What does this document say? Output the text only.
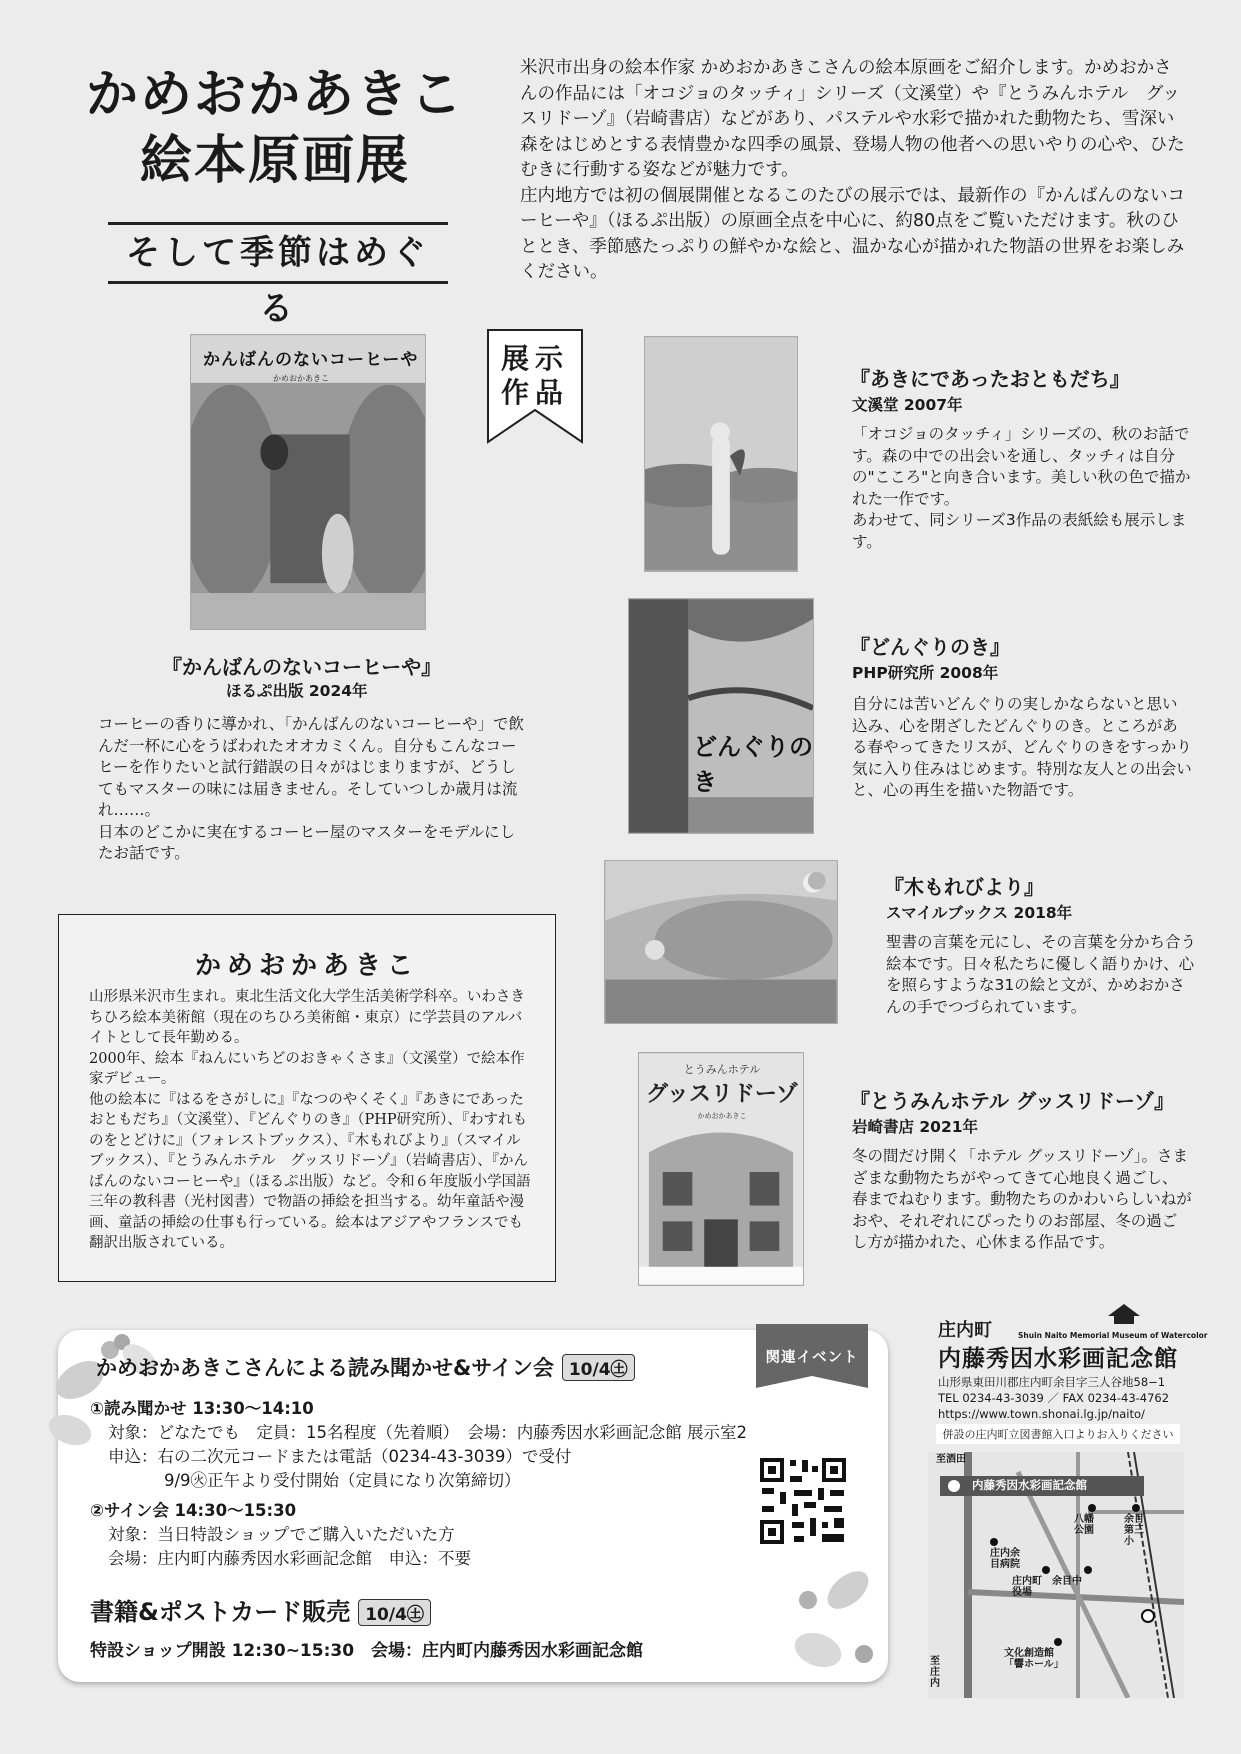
かめおかあきこ
絵本原画展
そして季節はめぐる
米沢市出身の絵本作家 かめおかあきこさんの絵本原画をご紹介します。かめおかさんの作品には「オコジョのタッチィ」シリーズ（文溪堂）や『とうみんホテル　グッスリドーゾ』（岩崎書店）などがあり、パステルや水彩で描かれた動物たち、雪深い森をはじめとする表情豊かな四季の風景、登場人物の他者への思いやりの心や、ひたむきに行動する姿などが魅力です。
庄内地方では初の個展開催となるこのたびの展示では、最新作の『かんばんのないコーヒーや』（ほるぷ出版）の原画全点を中心に、約80点をご覧いただけます。秋のひととき、季節感たっぷりの鮮やかな絵と、温かな心が描かれた物語の世界をお楽しみください。
展示
作品
かんばんのないコーヒーや
かめおかあきこ
『かんばんのないコーヒーや』
ほるぷ出版 2024年
コーヒーの香りに導かれ、「かんばんのないコーヒーや」で飲んだ一杯に心をうばわれたオオカミくん。自分もこんなコーヒーを作りたいと試行錯誤の日々がはじまりますが、どうしてもマスターの味には届きません。そしていつしか歳月は流れ……。
日本のどこかに実在するコーヒー屋のマスターをモデルにしたお話です。
『あきにであったおともだち』
文溪堂 2007年
「オコジョのタッチィ」シリーズの、秋のお話です。森の中での出会いを通し、タッチィは自分の"こころ"と向き合います。美しい秋の色で描かれた一作です。
あわせて、同シリーズ3作品の表紙絵も展示します。
どんぐりのき
『どんぐりのき』
PHP研究所 2008年
自分には苦いどんぐりの実しかならないと思い込み、心を閉ざしたどんぐりのき。ところがある春やってきたリスが、どんぐりのきをすっかり気に入り住みはじめます。特別な友人との出会いと、心の再生を描いた物語です。
『木もれびより』
スマイルブックス 2018年
聖書の言葉を元にし、その言葉を分かち合う絵本です。日々私たちに優しく語りかけ、心を照らすような31の絵と文が、かめおかさんの手でつづられています。
とうみんホテル
グッスリドーゾ
かめおかあきこ
『とうみんホテル グッスリドーゾ』
岩崎書店 2021年
冬の間だけ開く「ホテル グッスリドーゾ」。さまざまな動物たちがやってきて心地良く過ごし、春までねむります。動物たちのかわいらしいねがおや、それぞれにぴったりのお部屋、冬の過ごし方が描かれた、心休まる作品です。
かめおかあきこ
山形県米沢市生まれ。東北生活文化大学生活美術学科卒。いわさきちひろ絵本美術館（現在のちひろ美術館・東京）に学芸員のアルバイトとして長年勤める。
2000年、絵本『ねんにいちどのおきゃくさま』（文溪堂）で絵本作家デビュー。
他の絵本に『はるをさがしに』『なつのやくそく』『あきにであったおともだち』（文溪堂）、『どんぐりのき』（PHP研究所）、『わすれものをとどけに』（フォレストブックス）、『木もれびより』（スマイルブックス）、『とうみんホテル　グッスリドーゾ』（岩崎書店）、『かんばんのないコーヒーや』（ほるぷ出版）など。令和６年度版小学国語三年の教科書（光村図書）で物語の挿絵を担当する。幼年童話や漫画、童話の挿絵の仕事も行っている。絵本はアジアやフランスでも翻訳出版されている。
関連イベント
かめおかあきこさんによる読み聞かせ&サイン会 10/4㊏
①読み聞かせ 13:30〜14:10
対象：どなたでも　定員：15名程度（先着順）　会場：内藤秀因水彩画記念館 展示室2
申込：右の二次元コードまたは電話（0234-43-3039）で受付
9/9㊋正午より受付開始（定員になり次第締切）
②サイン会 14:30〜15:30
対象：当日特設ショップでご購入いただいた方
会場：庄内町内藤秀因水彩画記念館　申込：不要
書籍&ポストカード販売 10/4㊏
特設ショップ開設 12:30~15:30　会場：庄内町内藤秀因水彩画記念館
庄内町	Shuin Naito Memorial Museum of Watercolor
内藤秀因水彩画記念館
山形県東田川郡庄内町余目字三人谷地58−1
TEL 0234-43-3039 ／ FAX 0234-43-4762
https://www.town.shonai.lg.jp/naito/
併設の庄内町立図書館入口よりお入りください
至酒田
内藤秀因水彩画記念館
八幡公園
余目第三小
庄内余目病院
庄内町役場
余目中
文化創造館「響ホール」
至庄内
